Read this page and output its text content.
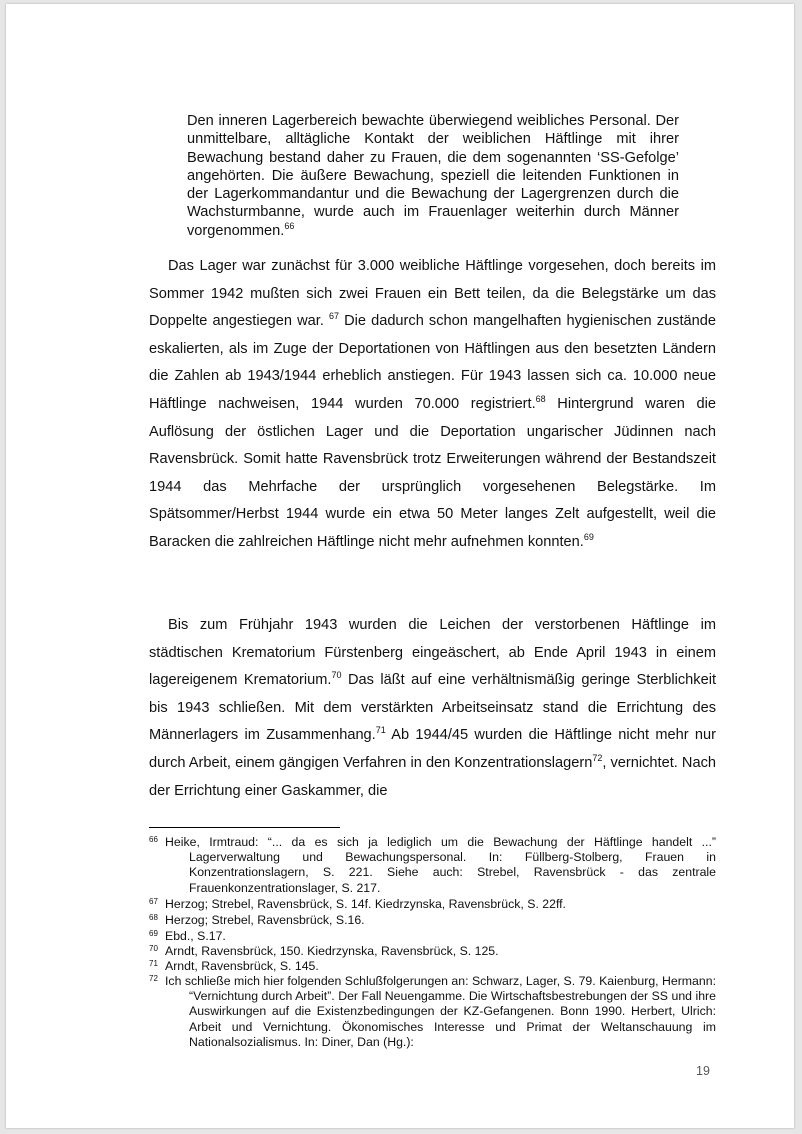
Den inneren Lagerbereich bewachte überwiegend weibliches Personal. Der unmittelbare, alltägliche Kontakt der weiblichen Häftlinge mit ihrer Bewachung bestand daher zu Frauen, die dem sogenannten ‘SS-Gefolge’ angehörten. Die äußere Bewachung, speziell die leitenden Funktionen in der Lagerkommandantur und die Bewachung der Lagergrenzen durch die Wachsturmbanne, wurde auch im Frauenlager weiterhin durch Männer vorgenommen.$^{66}$

Das Lager war zunächst für 3.000 weibliche Häftlinge vorgesehen, doch bereits im Sommer 1942 mußten sich zwei Frauen ein Bett teilen, da die Belegstärke um das Doppelte angestiegen war. $^{67}$ Die dadurch schon mangelhaften hygienischen zustände eskalierten, als im Zuge der Deportationen von Häftlingen aus den besetzten Ländern die Zahlen ab 1943/1944 erheblich anstiegen. Für 1943 lassen sich ca. 10.000 neue Häftlinge nachweisen, 1944 wurden 70.000 registriert.$^{68}$ Hintergrund waren die Auflösung der östlichen Lager und die Deportation ungarischer Jüdinnen nach Ravensbrück. Somit hatte Ravensbrück trotz Erweiterungen während der Bestandszeit 1944 das Mehrfache der ursprünglich vorgesehenen Belegstärke. Im Spätsommer/Herbst 1944 wurde ein etwa 50 Meter langes Zelt aufgestellt, weil die Baracken die zahlreichen Häftlinge nicht mehr aufnehmen konnten.$^{69}$

Bis zum Frühjahr 1943 wurden die Leichen der verstorbenen Häftlinge im städtischen Krematorium Fürstenberg eingeäschert, ab Ende April 1943 in einem lagereigenem Krematorium.$^{70}$ Das läßt auf eine verhältnismäßig geringe Sterblichkeit bis 1943 schließen. Mit dem verstärkten Arbeitseinsatz stand die Errichtung des Männerlagers im Zusammenhang.$^{71}$ Ab 1944/45 wurden die Häftlinge nicht mehr nur durch Arbeit, einem gängigen Verfahren in den Konzentrationslagern$^{72}$, vernichtet. Nach der Errichtung einer Gaskammer, die

66 Heike, Irmtraud: “... da es sich ja lediglich um die Bewachung der Häftlinge handelt ...” Lagerverwaltung und Bewachungspersonal. In: Füllberg-Stolberg, Frauen in Konzentrationslagern, S. 221. Siehe auch: Strebel, Ravensbrück - das zentrale Frauenkonzentrationslager, S. 217.
67 Herzog; Strebel, Ravensbrück, S. 14f. Kiedrzynska, Ravensbrück, S. 22ff.
68 Herzog; Strebel, Ravensbrück, S.16.
69 Ebd., S.17.
70 Arndt, Ravensbrück, 150. Kiedrzynska, Ravensbrück, S. 125.
71 Arndt, Ravensbrück, S. 145.
72 Ich schließe mich hier folgenden Schlußfolgerungen an: Schwarz, Lager, S. 79. Kaienburg, Hermann: “Vernichtung durch Arbeit”. Der Fall Neuengamme. Die Wirtschaftsbestrebungen der SS und ihre Auswirkungen auf die Existenzbedingungen der KZ-Gefangenen. Bonn 1990. Herbert, Ulrich: Arbeit und Vernichtung. Ökonomisches Interesse und Primat der Weltanschauung im Nationalsozialismus. In: Diner, Dan (Hg.):
19
